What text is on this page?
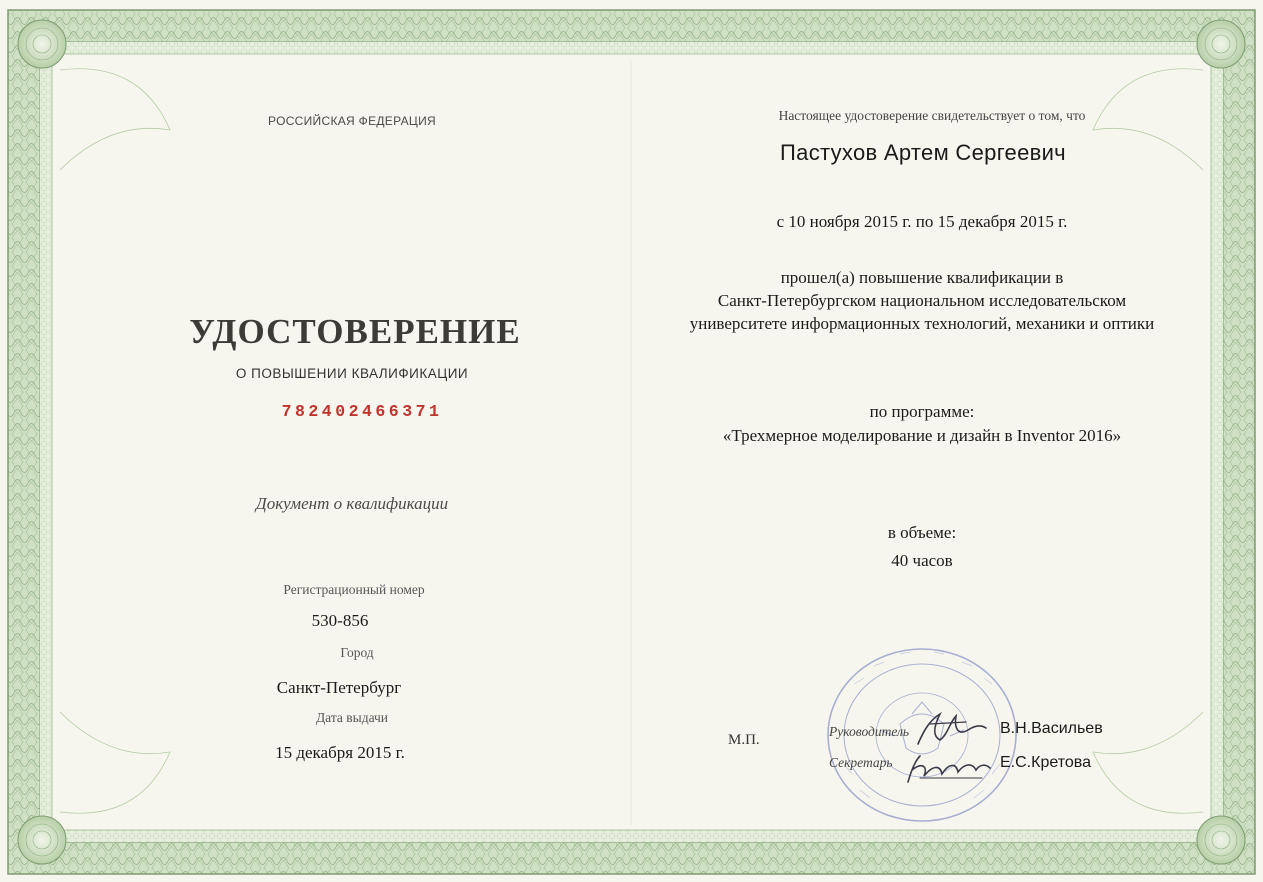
РОССИЙСКАЯ ФЕДЕРАЦИЯ
УДОСТОВЕРЕНИЕ
О ПОВЫШЕНИИ КВАЛИФИКАЦИИ
782402466371
Документ о квалификации
Регистрационный номер
530-856
Город
Санкт-Петербург
Дата выдачи
15 декабря 2015 г.
Настоящее удостоверение свидетельствует о том, что
Пастухов Артем Сергеевич
с 10 ноября 2015 г. по 15 декабря 2015 г.
прошел(а) повышение квалификации в
Санкт-Петербургском национальном исследовательском
университете информационных технологий, механики и оптики
по программе:
«Трехмерное моделирование и дизайн в Inventor 2016»
в объеме:
40 часов
М.П.
Руководитель	В.Н.Васильев
Секретарь	Е.С.Кретова
